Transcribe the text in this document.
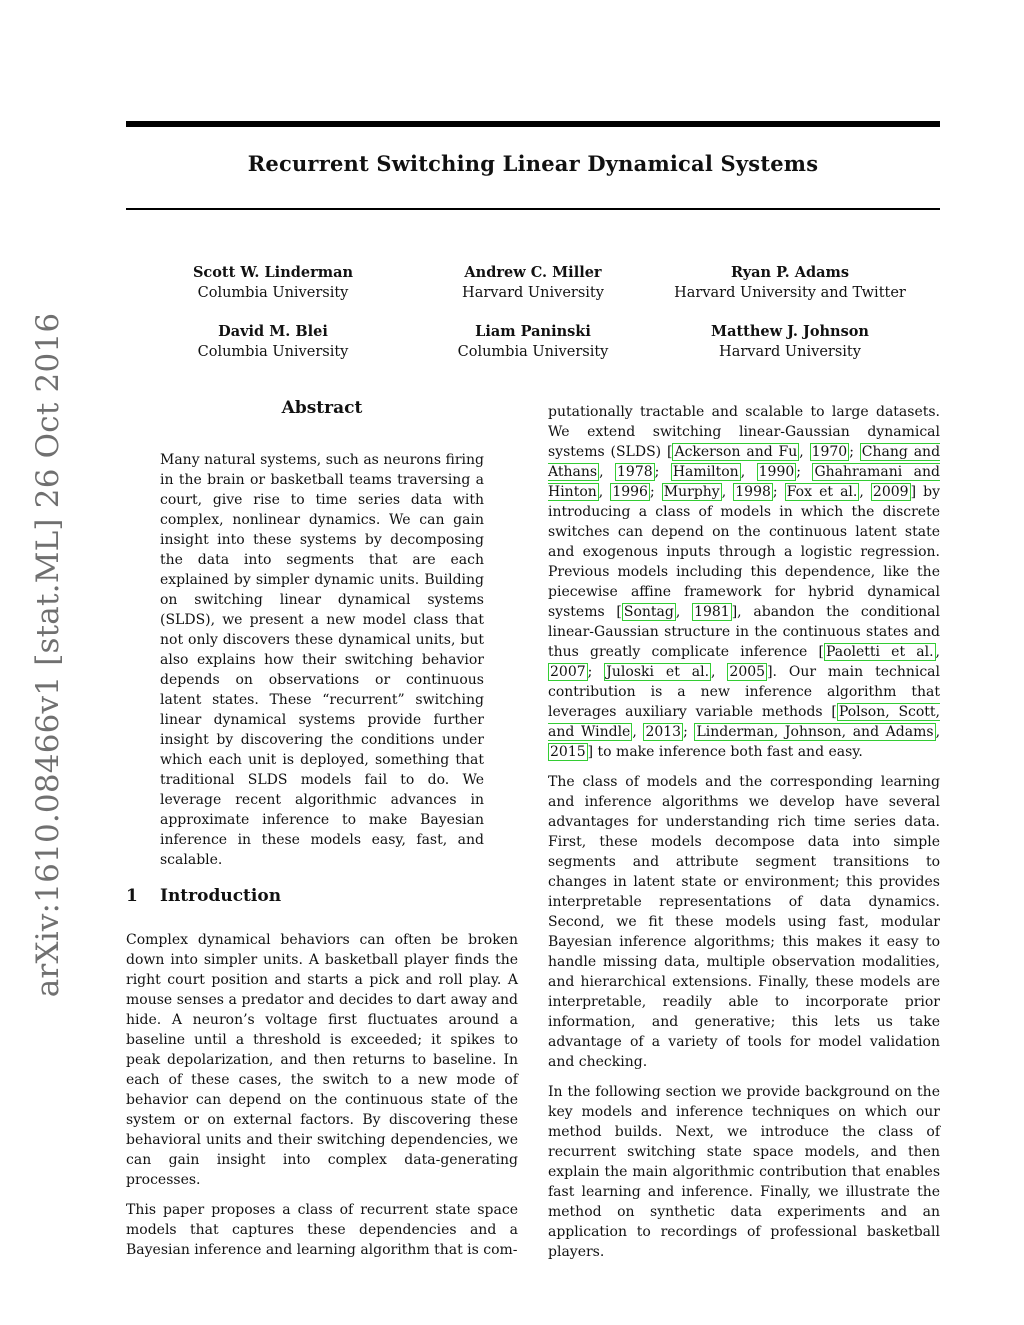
arXiv:1610.08466v1 [stat.ML] 26 Oct 2016
Recurrent Switching Linear Dynamical Systems
Scott W. Linderman
Columbia University
Andrew C. Miller
Harvard University
Ryan P. Adams
Harvard University and Twitter
David M. Blei
Columbia University
Liam Paninski
Columbia University
Matthew J. Johnson
Harvard University
Abstract
Many natural systems, such as neurons firing in the brain or basketball teams traversing a court, give rise to time series data with complex, nonlinear dynamics. We can gain insight into these systems by decomposing the data into segments that are each explained by simpler dynamic units. Building on switching linear dynamical systems (SLDS), we present a new model class that not only discovers these dynamical units, but also explains how their switching behavior depends on observations or continuous latent states. These “recurrent” switching linear dynamical systems provide further insight by discovering the conditions under which each unit is deployed, something that traditional SLDS models fail to do. We leverage recent algorithmic advances in approximate inference to make Bayesian inference in these models easy, fast, and scalable.
1 Introduction

Complex dynamical behaviors can often be broken down into simpler units. A basketball player finds the right court position and starts a pick and roll play. A mouse senses a predator and decides to dart away and hide. A neuron’s voltage first fluctuates around a baseline until a threshold is exceeded; it spikes to peak depolarization, and then returns to baseline. In each of these cases, the switch to a new mode of behavior can depend on the continuous state of the system or on external factors. By discovering these behavioral units and their switching dependencies, we can gain insight into complex data-generating processes.

This paper proposes a class of recurrent state space models that captures these dependencies and a Bayesian inference and learning algorithm that is com-

putationally tractable and scalable to large datasets. We extend switching linear-Gaussian dynamical systems (SLDS) [ Ackerson and Fu , 1970 ; Chang and Athans , 1978 ; Hamilton , 1990 ; Ghahramani and Hinton , 1996 ; Murphy , 1998 ; Fox et al. , 2009 ] by introducing a class of models in which the discrete switches can depend on the continuous latent state and exogenous inputs through a logistic regression. Previous models including this dependence, like the piecewise affine framework for hybrid dynamical systems [ Sontag , 1981 ], abandon the conditional linear-Gaussian structure in the continuous states and thus greatly complicate inference [ Paoletti et al. , 2007 ; Juloski et al. , 2005 ]. Our main technical contribution is a new inference algorithm that leverages auxiliary variable methods [ Polson, Scott, and Windle , 2013 ; Linderman, Johnson, and Adams , 2015 ] to make inference both fast and easy.

The class of models and the corresponding learning and inference algorithms we develop have several advantages for understanding rich time series data. First, these models decompose data into simple segments and attribute segment transitions to changes in latent state or environment; this provides interpretable representations of data dynamics. Second, we fit these models using fast, modular Bayesian inference algorithms; this makes it easy to handle missing data, multiple observation modalities, and hierarchical extensions. Finally, these models are interpretable, readily able to incorporate prior information, and generative; this lets us take advantage of a variety of tools for model validation and checking.

In the following section we provide background on the key models and inference techniques on which our method builds. Next, we introduce the class of recurrent switching state space models, and then explain the main algorithmic contribution that enables fast learning and inference. Finally, we illustrate the method on synthetic data experiments and an application to recordings of professional basketball players.
